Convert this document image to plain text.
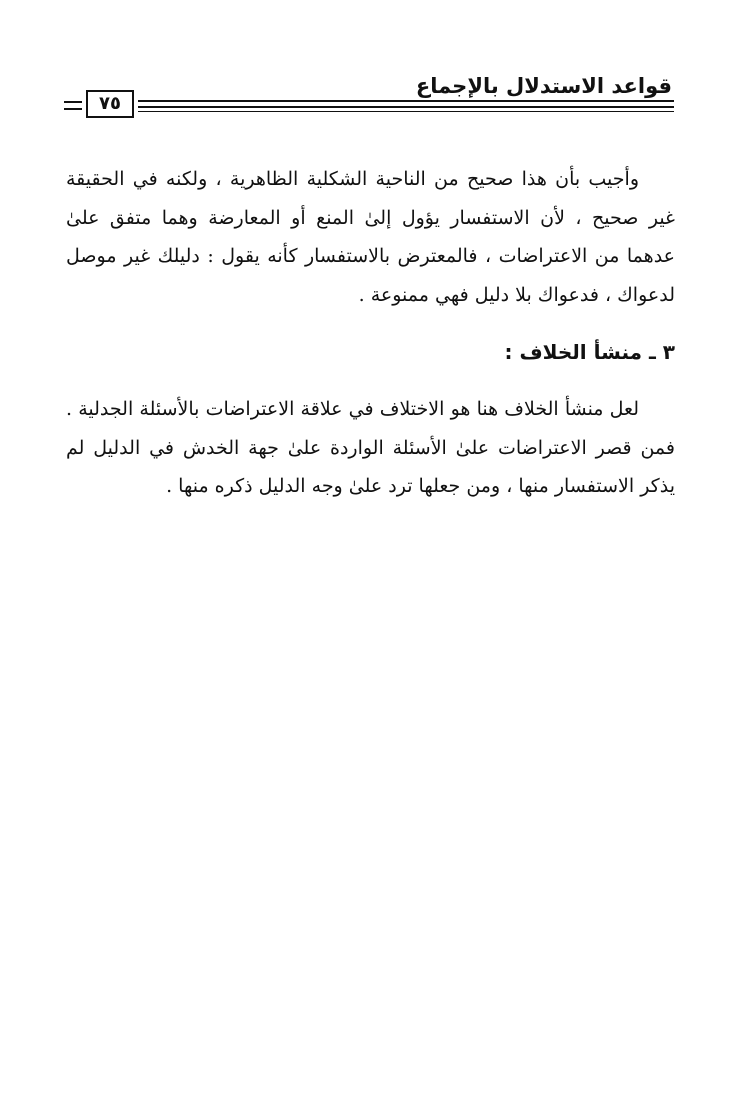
قواعد الاستدلال بالإجماع
٧٥

وأجيب بأن هذا صحيح من الناحية الشكلية الظاهرية ، ولكنه في الحقيقة غير صحيح ، لأن الاستفسار يؤول إلىٰ المنع أو المعارضة وهما متفق علىٰ عدهما من الاعتراضات ، فالمعترض بالاستفسار كأنه يقول : دليلك غير موصل لدعواك ، فدعواك بلا دليل فهي ممنوعة .

٣ ـ منشأ الخلاف :

لعل منشأ الخلاف هنا هو الاختلاف في علاقة الاعتراضات بالأسئلة الجدلية . فمن قصر الاعتراضات علىٰ الأسئلة الواردة علىٰ جهة الخدش في الدليل لم يذكر الاستفسار منها ، ومن جعلها ترد علىٰ وجه الدليل ذكره منها .
